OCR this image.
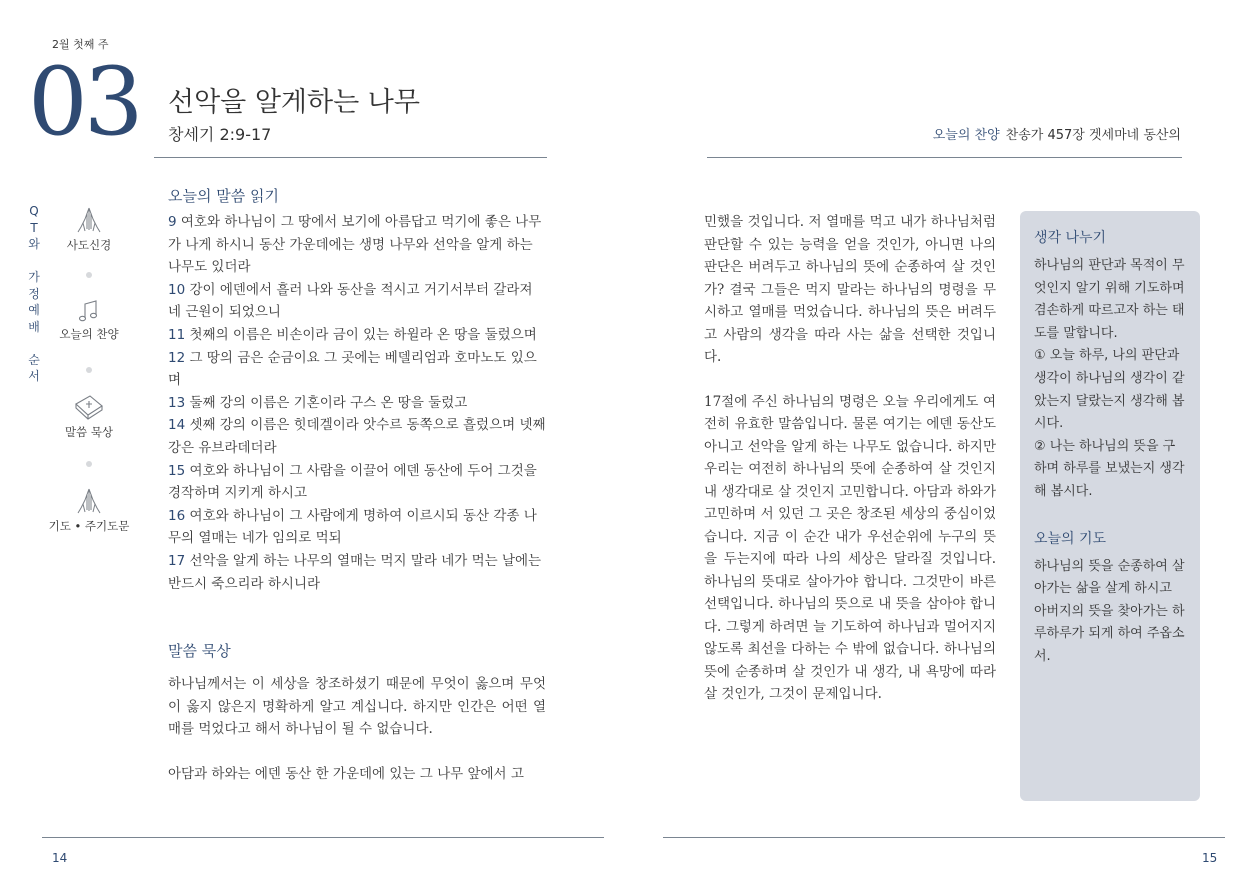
2월 첫째 주
03 선악을 알게하는 나무
창세기 2:9-17
Q
T
와

가
정
예
배

순
서
사도신경
오늘의 찬양
말씀 묵상
기도 • 주기도문
오늘의 말씀 읽기

9 여호와 하나님이 그 땅에서 보기에 아름답고 먹기에 좋은 나무가 나게 하시니 동산 가운데에는 생명 나무와 선악을 알게 하는 나무도 있더라

10 강이 에덴에서 흘러 나와 동산을 적시고 거기서부터 갈라져 네 근원이 되었으니

11 첫째의 이름은 비손이라 금이 있는 하윌라 온 땅을 둘렀으며

12 그 땅의 금은 순금이요 그 곳에는 베델리엄과 호마노도 있으며

13 둘째 강의 이름은 기혼이라 구스 온 땅을 둘렀고

14 셋째 강의 이름은 힛데겔이라 앗수르 동쪽으로 흘렀으며 넷째 강은 유브라데더라

15 여호와 하나님이 그 사람을 이끌어 에덴 동산에 두어 그것을 경작하며 지키게 하시고

16 여호와 하나님이 그 사람에게 명하여 이르시되 동산 각종 나무의 열매는 네가 임의로 먹되

17 선악을 알게 하는 나무의 열매는 먹지 말라 네가 먹는 날에는 반드시 죽으리라 하시니라

말씀 묵상

하나님께서는 이 세상을 창조하셨기 때문에 무엇이 옳으며 무엇이 옳지 않은지 명확하게 알고 계십니다. 하지만 인간은 어떤 열매를 먹었다고 해서 하나님이 될 수 없습니다.

아담과 하와는 에덴 동산 한 가운데에 있는 그 나무 앞에서 고

14
오늘의 찬양 찬송가 457장 겟세마네 동산의

민했을 것입니다. 저 열매를 먹고 내가 하나님처럼 판단할 수 있는 능력을 얻을 것인가, 아니면 나의 판단은 버려두고 하나님의 뜻에 순종하여 살 것인가? 결국 그들은 먹지 말라는 하나님의 명령을 무시하고 열매를 먹었습니다. 하나님의 뜻은 버려두고 사람의 생각을 따라 사는 삶을 선택한 것입니다.

17절에 주신 하나님의 명령은 오늘 우리에게도 여전히 유효한 말씀입니다. 물론 여기는 에덴 동산도 아니고 선악을 알게 하는 나무도 없습니다. 하지만 우리는 여전히 하나님의 뜻에 순종하여 살 것인지 내 생각대로 살 것인지 고민합니다. 아담과 하와가 고민하며 서 있던 그 곳은 창조된 세상의 중심이었습니다. 지금 이 순간 내가 우선순위에 누구의 뜻을 두는지에 따라 나의 세상은 달라질 것입니다. 하나님의 뜻대로 살아가야 합니다. 그것만이 바른 선택입니다. 하나님의 뜻으로 내 뜻을 삼아야 합니다. 그렇게 하려면 늘 기도하여 하나님과 멀어지지 않도록 최선을 다하는 수 밖에 없습니다. 하나님의 뜻에 순종하며 살 것인가 내 생각, 내 욕망에 따라 살 것인가, 그것이 문제입니다.

생각 나누기

하나님의 판단과 목적이 무엇인지 알기 위해 기도하며 겸손하게 따르고자 하는 태도를 말합니다.

① 오늘 하루, 나의 판단과 생각이 하나님의 생각이 같았는지 달랐는지 생각해 봅시다.

② 나는 하나님의 뜻을 구하며 하루를 보냈는지 생각해 봅시다.

오늘의 기도

하나님의 뜻을 순종하여 살아가는 삶을 살게 하시고 아버지의 뜻을 찾아가는 하루하루가 되게 하여 주옵소서.

15
